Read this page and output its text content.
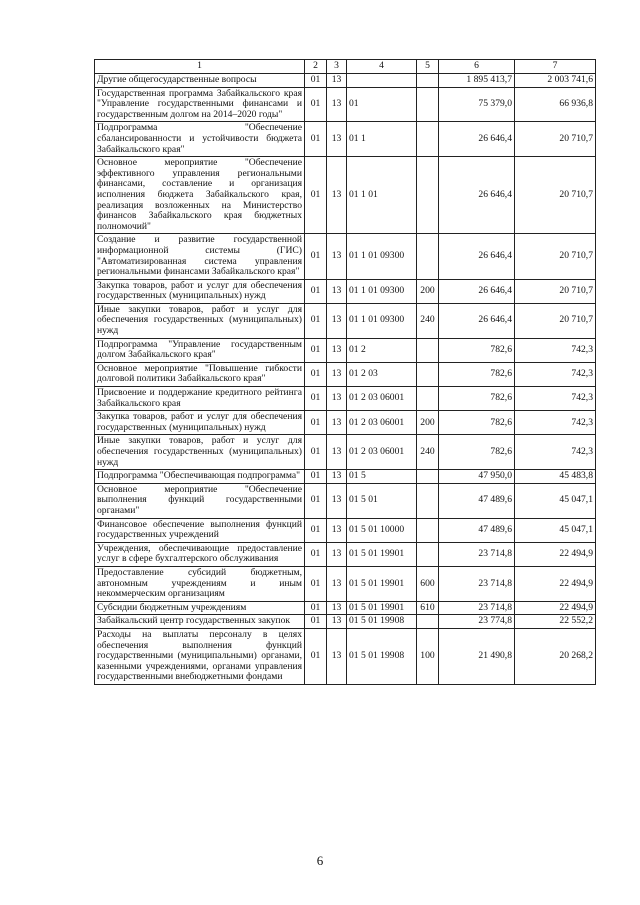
1	2	3	4	5	6	7
Другие общегосударственные вопросы	01	13			1 895 413,7	2 003 741,6
Государственная программа Забайкальского края "Управление государственными финансами и государственным долгом на 2014–2020 годы"	01	13	01		75 379,0	66 936,8
Подпрограмма "Обеспечение сбалансированности и устойчивости бюджета Забайкальского края"	01	13	01 1		26 646,4	20 710,7
Основное мероприятие "Обеспечение эффективного управления региональными финансами, составление и организация исполнения бюджета Забайкальского края, реализация возложенных на Министерство финансов Забайкальского края бюджетных полномочий"	01	13	01 1 01		26 646,4	20 710,7
Создание и развитие государственной информационной системы (ГИС) "Автоматизированная система управления региональными финансами Забайкальского края"	01	13	01 1 01 09300		26 646,4	20 710,7
Закупка товаров, работ и услуг для обеспечения государственных (муниципальных) нужд	01	13	01 1 01 09300	200	26 646,4	20 710,7
Иные закупки товаров, работ и услуг для обеспечения государственных (муниципальных) нужд	01	13	01 1 01 09300	240	26 646,4	20 710,7
Подпрограмма "Управление государственным долгом Забайкальского края"	01	13	01 2		782,6	742,3
Основное мероприятие "Повышение гибкости долговой политики Забайкальского края"	01	13	01 2 03		782,6	742,3
Присвоение и поддержание кредитного рейтинга Забайкальского края	01	13	01 2 03 06001		782,6	742,3
Закупка товаров, работ и услуг для обеспечения государственных (муниципальных) нужд	01	13	01 2 03 06001	200	782,6	742,3
Иные закупки товаров, работ и услуг для обеспечения государственных (муниципальных) нужд	01	13	01 2 03 06001	240	782,6	742,3
Подпрограмма "Обеспечивающая подпрограмма"	01	13	01 5		47 950,0	45 483,8
Основное мероприятие "Обеспечение выполнения функций государственными органами"	01	13	01 5 01		47 489,6	45 047,1
Финансовое обеспечение выполнения функций государственных учреждений	01	13	01 5 01 10000		47 489,6	45 047,1
Учреждения, обеспечивающие предоставление услуг в сфере бухгалтерского обслуживания	01	13	01 5 01 19901		23 714,8	22 494,9
Предоставление субсидий бюджетным, автономным учреждениям и иным некоммерческим организациям	01	13	01 5 01 19901	600	23 714,8	22 494,9
Субсидии бюджетным учреждениям	01	13	01 5 01 19901	610	23 714,8	22 494,9
Забайкальский центр государственных закупок	01	13	01 5 01 19908		23 774,8	22 552,2
Расходы на выплаты персоналу в целях обеспечения выполнения функций государственными (муниципальными) органами, казенными учреждениями, органами управления государственными внебюджетными фондами	01	13	01 5 01 19908	100	21 490,8	20 268,2
6
